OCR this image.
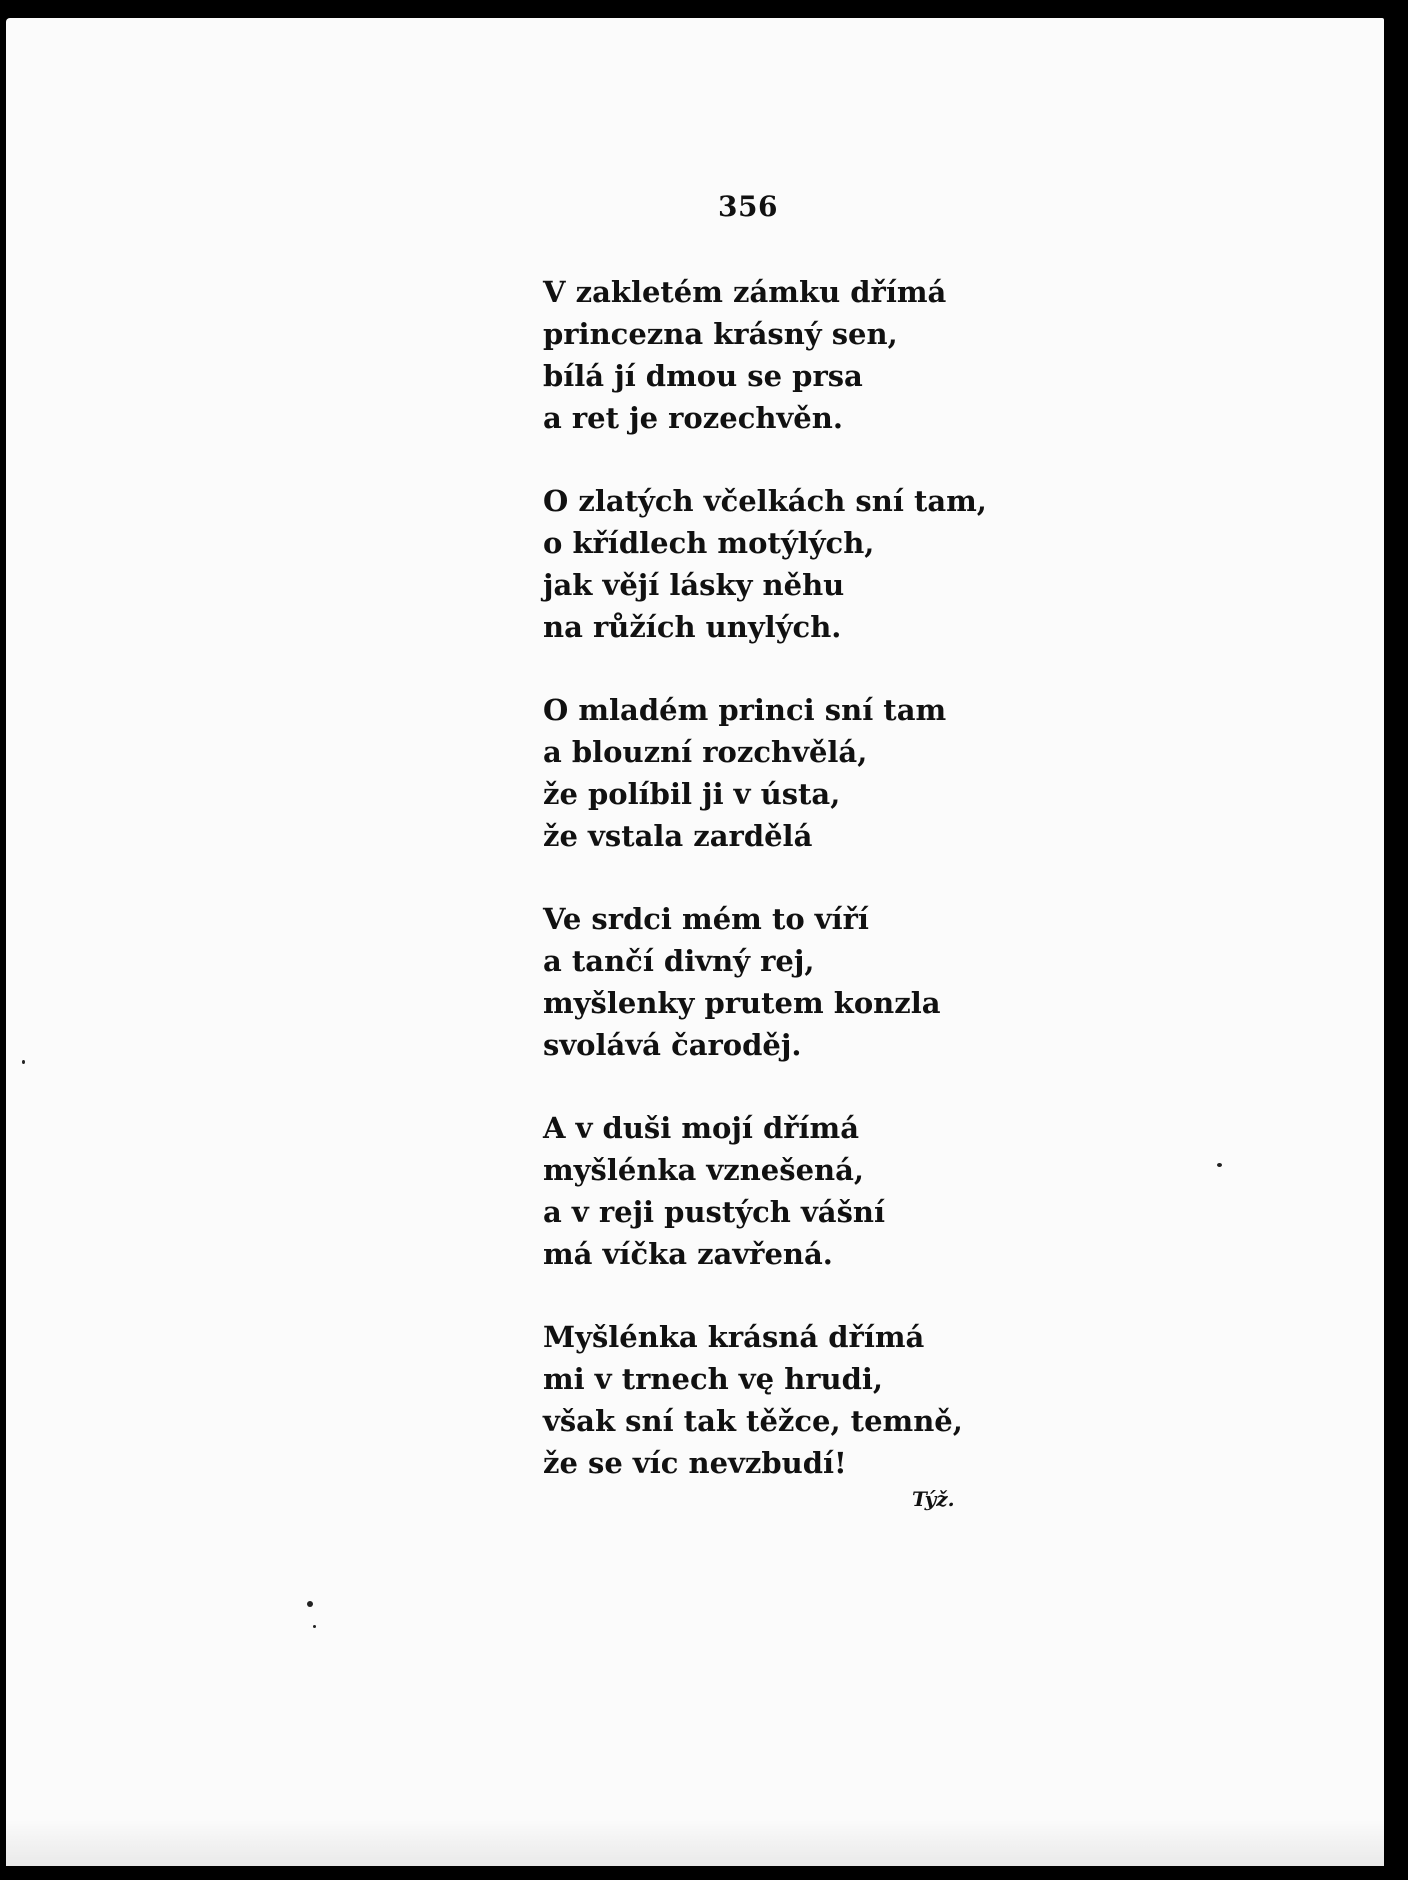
356
V zakletém zámku dřímá
princezna krásný sen,
bílá jí dmou se prsa
a ret je rozechvěn.
O zlatých včelkách sní tam,
o křídlech motýlých,
jak vějí lásky něhu
na růžích unylých.
O mladém princi sní tam
a blouzní rozchvělá,
že políbil ji v ústa,
že vstala zardělá
Ve srdci mém to víří
a tančí divný rej,
myšlenky prutem konzla
svolává čaroděj.
A v duši mojí dřímá
myšlénka vznešená,
a v reji pustých vášní
má víčka zavřená.
Myšlénka krásná dřímá
mi v trnech vę hrudi,
však sní tak těžce, temně,
že se víc nevzbudí!
Týž.
